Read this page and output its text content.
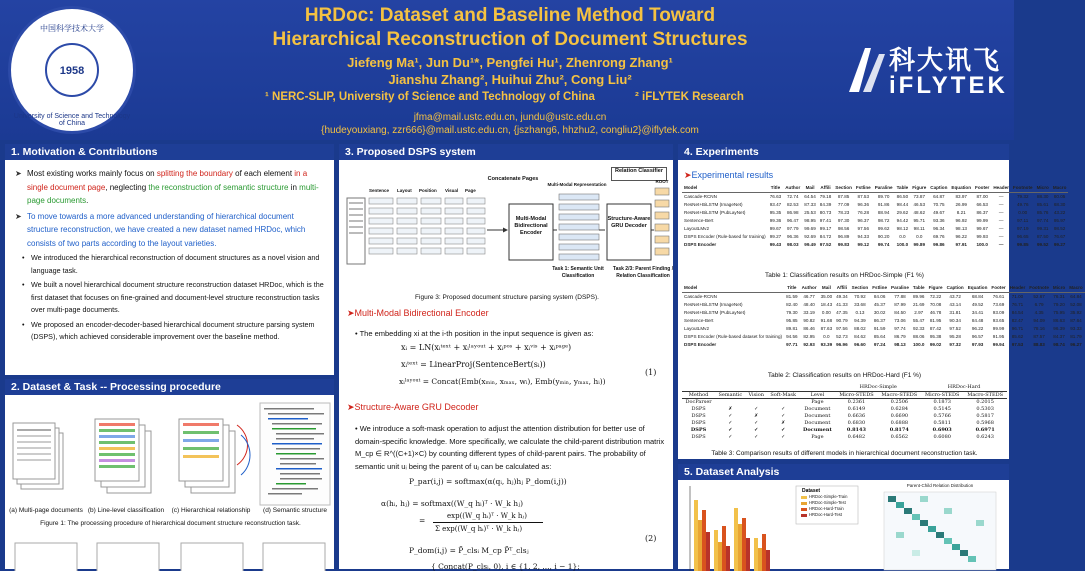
中国科学技术大学
1958
University of Science and Technology of China
HRDoc: Dataset and Baseline Method Toward
Hierarchical Reconstruction of Document Structures
Jiefeng Ma¹, Jun Du¹*, Pengfei Hu¹, Zhenrong Zhang¹
Jianshu Zhang², Huihui Zhu², Cong Liu²
¹ NERC-SLIP, University of Science and Technology of China	² iFLYTEK Research
jfma@mail.ustc.edu.cn, jundu@ustc.edu.cn
{hudeyouxiang, zzr666}@mail.ustc.edu.cn, {jszhang6, hhzhu2, congliu2}@iflytek.com
科大讯飞
iFLYTEK
1. Motivation & Contributions
➤ Most existing works mainly focus on splitting the boundary of each element in a single document page, neglecting the reconstruction of semantic structure in multi-page documents.
➤ To move towards a more advanced understanding of hierarchical document structure reconstruction, we have created a new dataset named HRDoc, which consists of two parts according to the layout varieties.
• We introduced the hierarchical reconstruction of document structures as a novel vision and language task.
• We built a novel hierarchical document structure reconstruction dataset HRDoc, which is the first dataset that focuses on fine-grained and document-level structure reconstruction tasks over multi-page documents.
• We proposed an encoder-decoder-based hierarchical document structure parsing system (DSPS), which achieved considerable improvement over the baseline method.
2. Dataset & Task -- Processing procedure
(a) Multi-page documents (b) Line-level classification	(c) Hierarchical relationship	(d) Semantic structure
Figure 1: The processing procedure of hierarchical document structure reconstruction task.
3. Proposed DSPS system
Concatenate Pages
Relation Classifier
Sentence Layout Position Visual Page
Multi-Modal Bidirectional Encoder
Structure-Aware GRU Decoder
Multi-Modal Representation
ROOT
Task 1: Semantic Unit Classification
Task 2/3: Parent Finding / Relation Classification
Figure 3: Proposed document structure parsing system (DSPS).
➤ Multi-Modal Bidirectional Encoder
• The embedding xi at the i-th position in the input sequence is given as:
xᵢ = LN(xᵢᵗᵉˣᵗ + xᵢˡᵃʸᵒᵘᵗ + xᵢᵖᵒˢ + xᵢᵛⁱˢ + xᵢᵖᵃᵍᵉ)
xᵢᵗᵉˣᵗ = LinearProj(SentenceBert(sᵢ))
xᵢˡᵃʸᵒᵘᵗ = Concat(Emb(xₘᵢₙ, xₘₐₓ, wᵢ), Emb(yₘᵢₙ, yₘₐₓ, hᵢ))
(1)
➤ Structure-Aware GRU Decoder
• We introduce a soft-mask operation to adjust the attention distribution for better use of domain-specific knowledge. More specifically, we calculate the child-parent distribution matrix M_cp ∈ R^((C+1)×C) by counting different types of child-parent pairs. The probability of semantic unit uᵢ being the parent of uⱼ can be calculated as:
P_par(i,j) = softmax(α(qᵢ, hⱼ)hⱼ P_dom(i,j))
α(hᵢ, hⱼ) = softmax((W_q hᵢ)ᵀ · W_k hⱼ)
=	exp((W_q hᵢ)ᵀ · W_k hⱼ)
Σ exp((W_q hᵢ)ᵀ · W_k hⱼ)
P_dom(i,j) = P̃_clsᵢ M_cp P̃ᵀ_clsⱼ
{ Concat(P_clsᵢ, 0), i ∈ {1, 2, ..., i − 1};
(2)
4. Experiments
➤ Experimental results
Model	Title	Author	Mail	Affili	Section	Fstline	Paraline	Table	Figure	Caption	Equation	Footer	Header	Footnote	Micro	Macro
Cascade-RCNN	76.63	72.74	64.54	79.18	87.85	87.53	89.70	86.50	73.87	64.87	83.97	87.00	—	79.32	88.30	80.05
ResNet+BiLSTM (ImageNet)	93.47	82.53	87.33	84.39	77.09	96.36	91.86	98.44	46.53	70.75	26.99	66.53	—	49.76	85.61	68.30
ResNet+BiLSTM (PubLayNet)	95.35	86.98	25.53	80.73	78.23	76.28	88.94	29.62	48.62	49.67	8.21	86.37	—	0.00	85.76	43.22
Sentence-Bert	99.36	96.47	98.95	97.41	97.30	96.37	98.72	94.42	95.71	93.36	96.92	99.99	—	97.11	97.74	95.97
LayoutLMv2	99.67	97.79	99.69	99.17	98.56	97.56	99.62	98.12	98.11	96.34	98.13	99.67	—	97.19	99.31	98.52
DSPS Encoder (Rule-based for training)	99.27	96.36	92.69	84.72	96.89	94.33	90.20	0.0	0.0	69.76	96.22	99.93	—	96.65	87.50	76.67
DSPS Encoder	99.43	98.03	99.49	97.52	99.83	99.12	99.74	100.0	99.89	99.86	97.91	100.0	—	99.85	99.52	99.27
Table 1: Classification results on HRDoc-Simple (F1 %)
Model	Title	Author	Mail	Affili	Section	Fstline	Paraline	Table	Figure	Caption	Equation	Footer	Header	Footnote	Micro	Macro
Cascade-RCNN	81.59	46.77	35.00	49.34	70.92	84.06	77.88	89.96	72.22	43.72	68.84	76.61	71.00	52.67	76.31	64.84
ResNet+BiLSTM (ImageNet)	82.40	48.40	18.43	41.33	33.68	45.37	87.99	21.69	70.08	43.14	49.52	73.69	76.71	6.79	79.20	52.08
ResNet+BiLSTM (PubLayNet)	79.30	33.19	0.00	47.35	0.13	30.02	84.50	2.97	46.78	31.81	34.41	93.09	84.54	4.35	75.95	35.92
Sentence-Bert	95.85	90.82	91.68	90.79	94.39	86.37	73.06	55.47	81.95	90.34	84.48	93.65	82.47	94.09	86.63	87.64
LayoutLMv2	89.81	86.46	87.63	97.56	88.02	91.59	97.74	92.33	87.42	97.52	96.22	99.99	96.71	78.16	96.39	93.33
DSPS Encoder (Rule-based dataset for training)	94.56	82.95	0.0	52.73	84.62	85.64	86.79	88.06	95.38	95.28	96.57	91.95	85.62	87.57	84.37	81.79
DSPS Encoder	97.71	92.93	93.39	96.96	96.60	97.24	98.13	100.0	99.02	97.32	97.93	99.94	97.53	88.83	98.74	96.27
Table 2: Classification results on HRDoc-Hard (F1 %)
					HRDoc-Simple		HRDoc-Hard	
Method	Semantic	Vision	Soft-Mask	Level	Micro-STEDS	Macro-STEDS	Micro-STEDS	Macro-STEDS
DocParser				Page	0.2361	0.2506	0.1873	0.2015
DSPS	✗	✓	✓	Document	0.6149	0.6284	0.5145	0.5303
DSPS	✓	✗	✓	Document	0.6636	0.6690	0.5766	0.5817
DSPS	✓	✓	✗	Document	0.6830	0.6888	0.5811	0.5968
DSPS	✓	✓	✓	Document	0.8143	0.8174	0.6903	0.6971
DSPS	✓	✓	✓	Page	0.6482	0.6562	0.6080	0.6243
Table 3: Comparison results of different models in hierarchical document reconstruction task.
5. Dataset Analysis
Dataset
HRDoc-Simple-Train
HRDoc-Simple-Test
HRDoc-Hard-Train
HRDoc-Hard-Test
Parent-Child Relation Distribution
